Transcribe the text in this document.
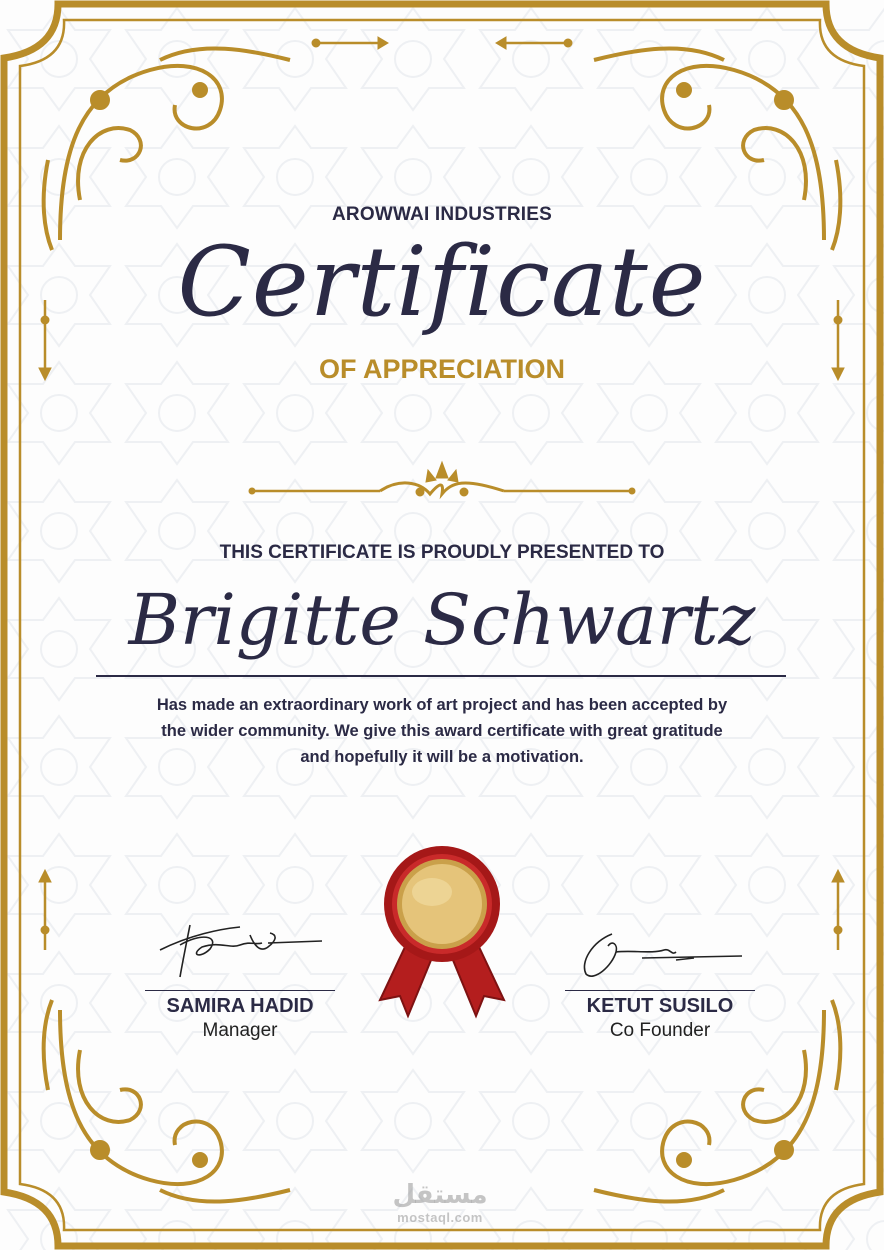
AROWWAI INDUSTRIES
Certificate
OF APPRECIATION
THIS CERTIFICATE IS PROUDLY PRESENTED TO
Brigitte Schwartz
Has made an extraordinary work of art project and has been accepted by
the wider community. We give this award certificate with great gratitude
and hopefully it will be a motivation.
SAMIRA HADID
Manager
KETUT SUSILO
Co Founder
مستقل
mostaql.com
